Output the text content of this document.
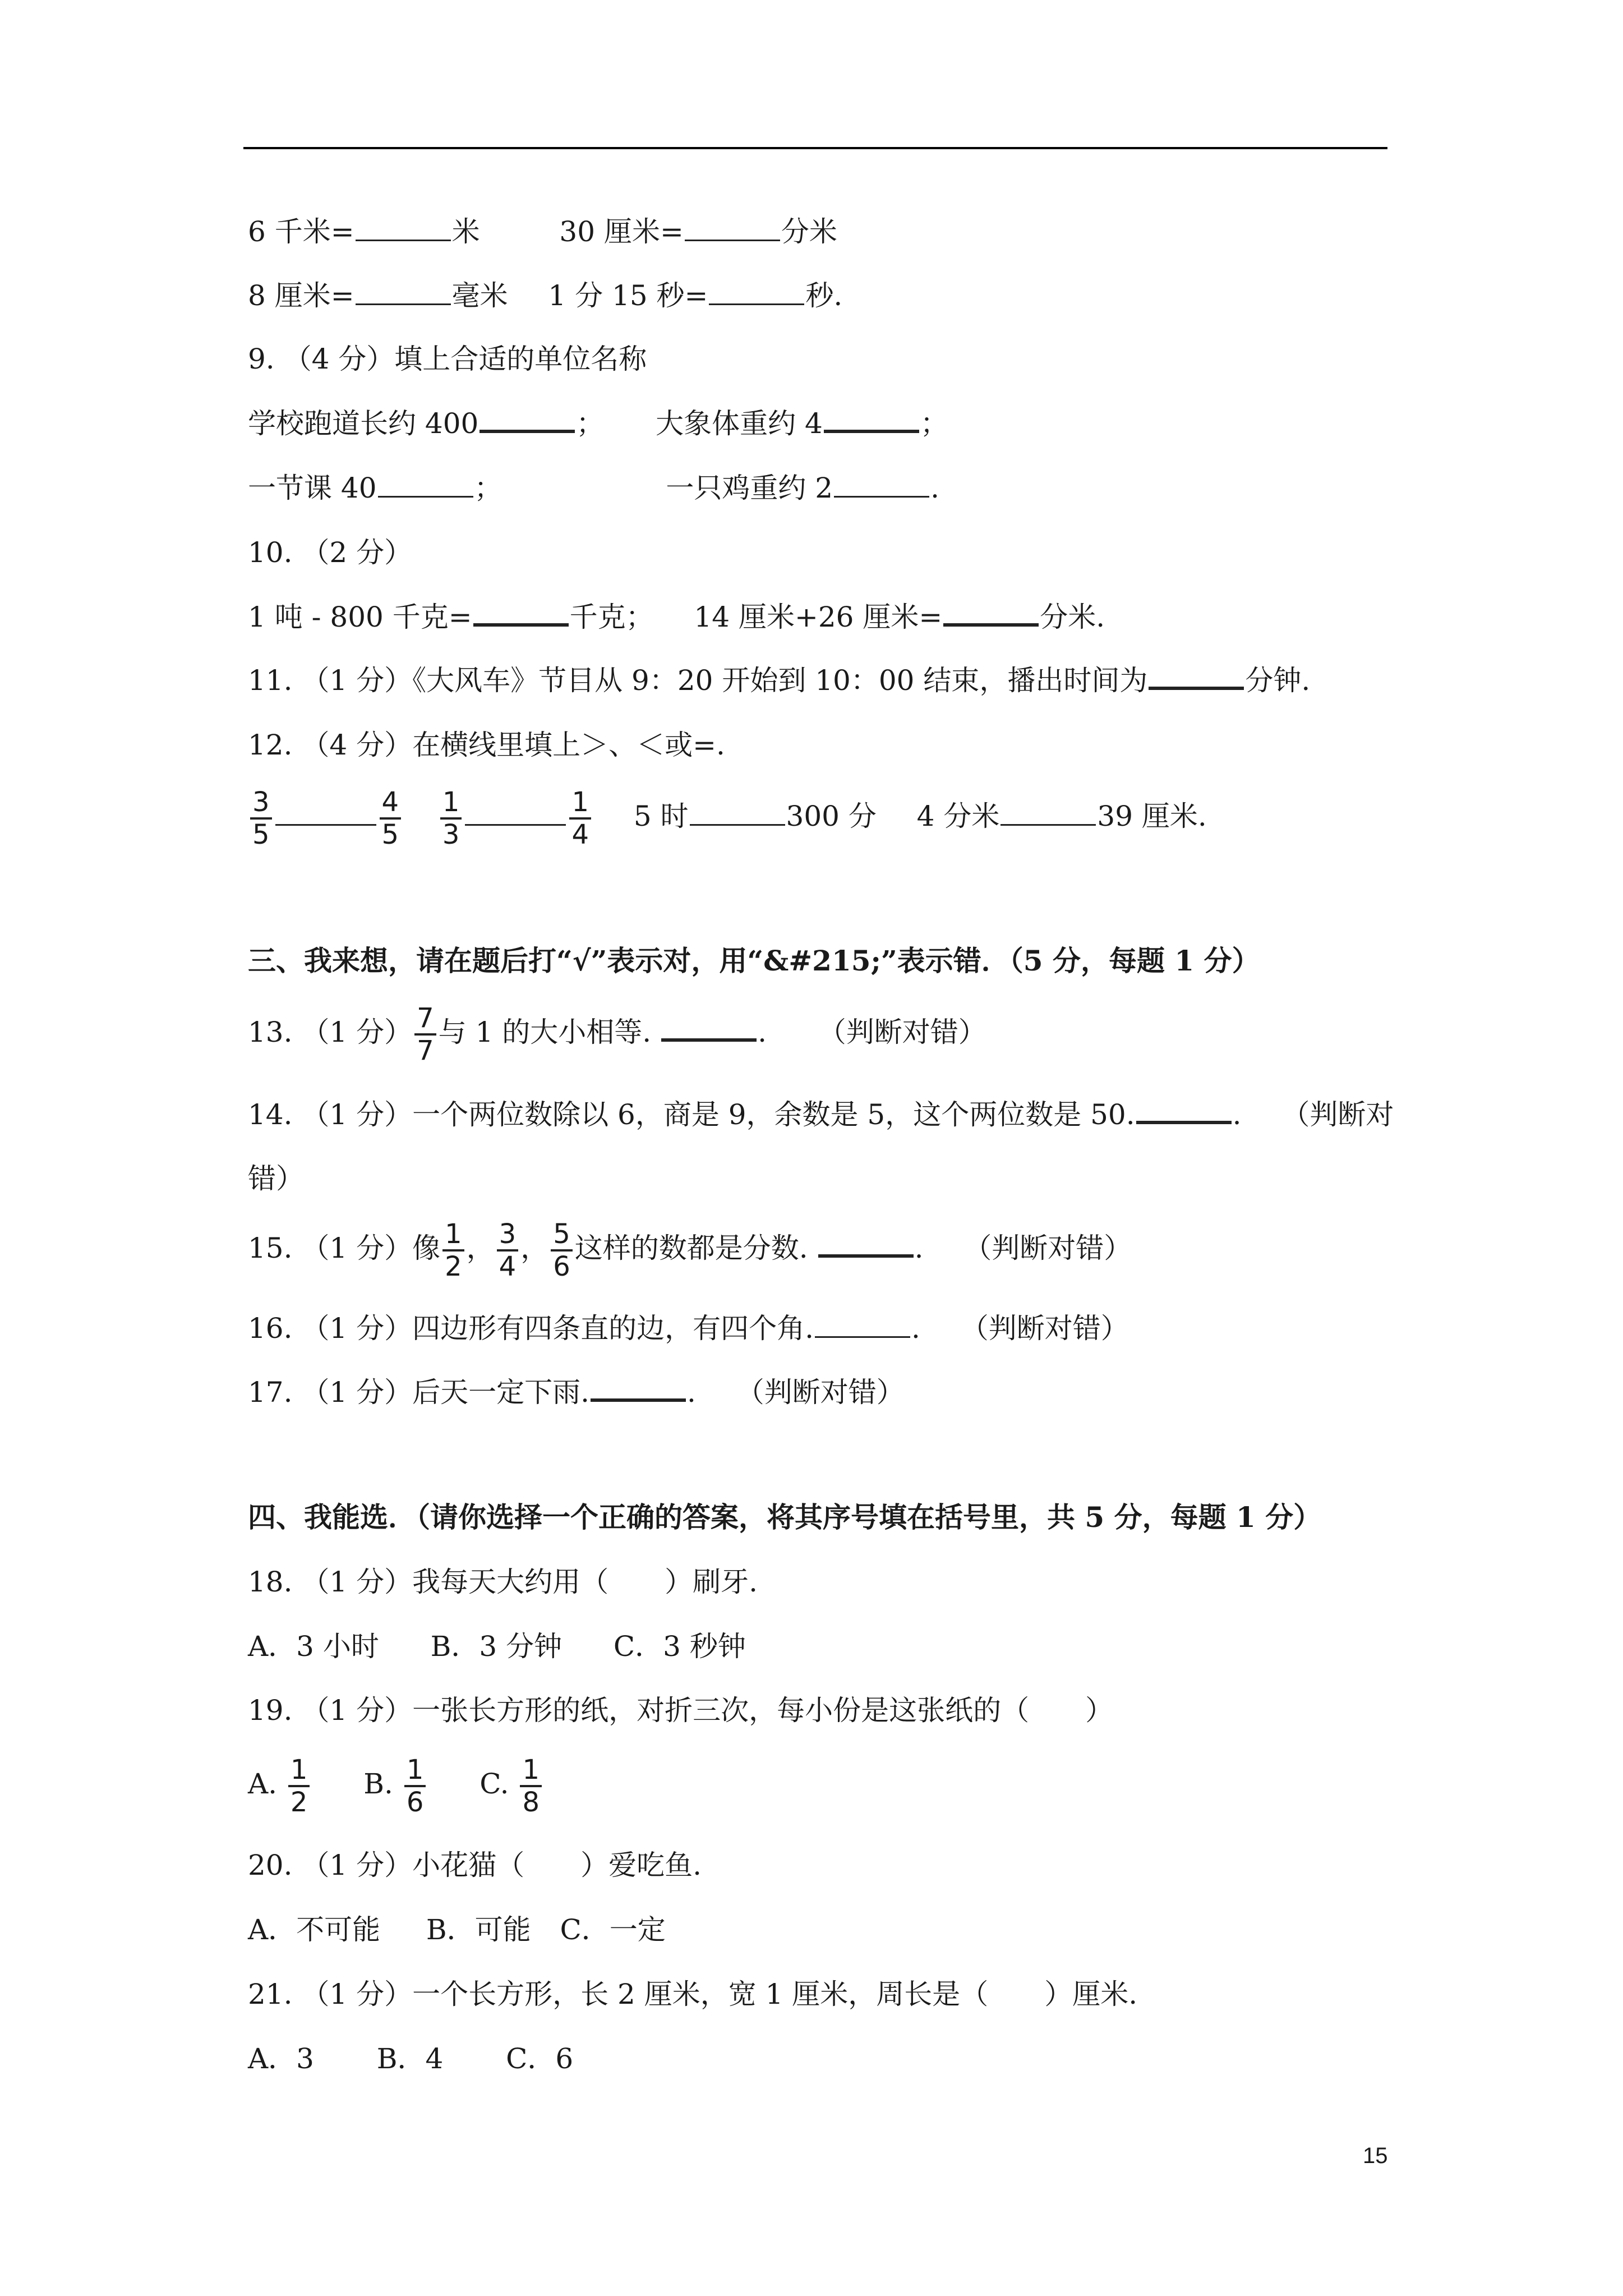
6 千米=	米	30 厘米=	分米
8 厘米=	毫米 1 分 15 秒=	秒.
9. （4 分）填上合适的单位名称
学校跑道长约 400	； 大象体重约 4	；
一节课 40	；	一只鸡重约 2	.
10. （2 分）
1 吨 - 800 千克=	千克； 14 厘米+26 厘米=	分米.
11. （1 分）《大风车》节目从 9：20 开始到 10：00 结束，播出时间为	分钟.
12. （4 分）在横线里填上＞、＜或=.
$\frac{3}{5}$	$\frac{4}{5}$
$\frac{1}{3}$	$\frac{1}{4} 5$ 时	300 分 4 分米	39 厘米.
三、我来想，请在题后打“√”表示对，用“&#215;”表示错．（5 分，每题 1 分）
13. （1 分） $\frac{7}{7}$ 与 1 的大小相等.	. （判断对错）
14. （1 分）一个两位数除以 6，商是 9，余数是 5，这个两位数是 50.	. （判断对
错）
15. （1 分）像 $\frac{1}{2}$ ， $\frac{3}{4}$ ， $\frac{5}{6}$ 这样的数都是分数.	. （判断对错）
16. （1 分）四边形有四条直的边，有四个角.	. （判断对错）
17. （1 分）后天一定下雨.	. （判断对错）
四、我能选．（请你选择一个正确的答案，将其序号填在括号里，共 5 分，每题 1 分）
18. （1 分）我每天大约用（　　）刷牙.
A．3 小时 B．3 分钟 C．3 秒钟
19. （1 分）一张长方形的纸，对折三次，每小份是这张纸的（　　）
A. $\frac{1}{2} B$. $\frac{1}{6} C$. $\frac{1}{8}$
20. （1 分）小花猫（　　）爱吃鱼.
A．不可能 B．可能 C．一定
21. （1 分）一个长方形，长 2 厘米，宽 1 厘米，周长是（　　）厘米.
A．3 B．4 C．6
15
